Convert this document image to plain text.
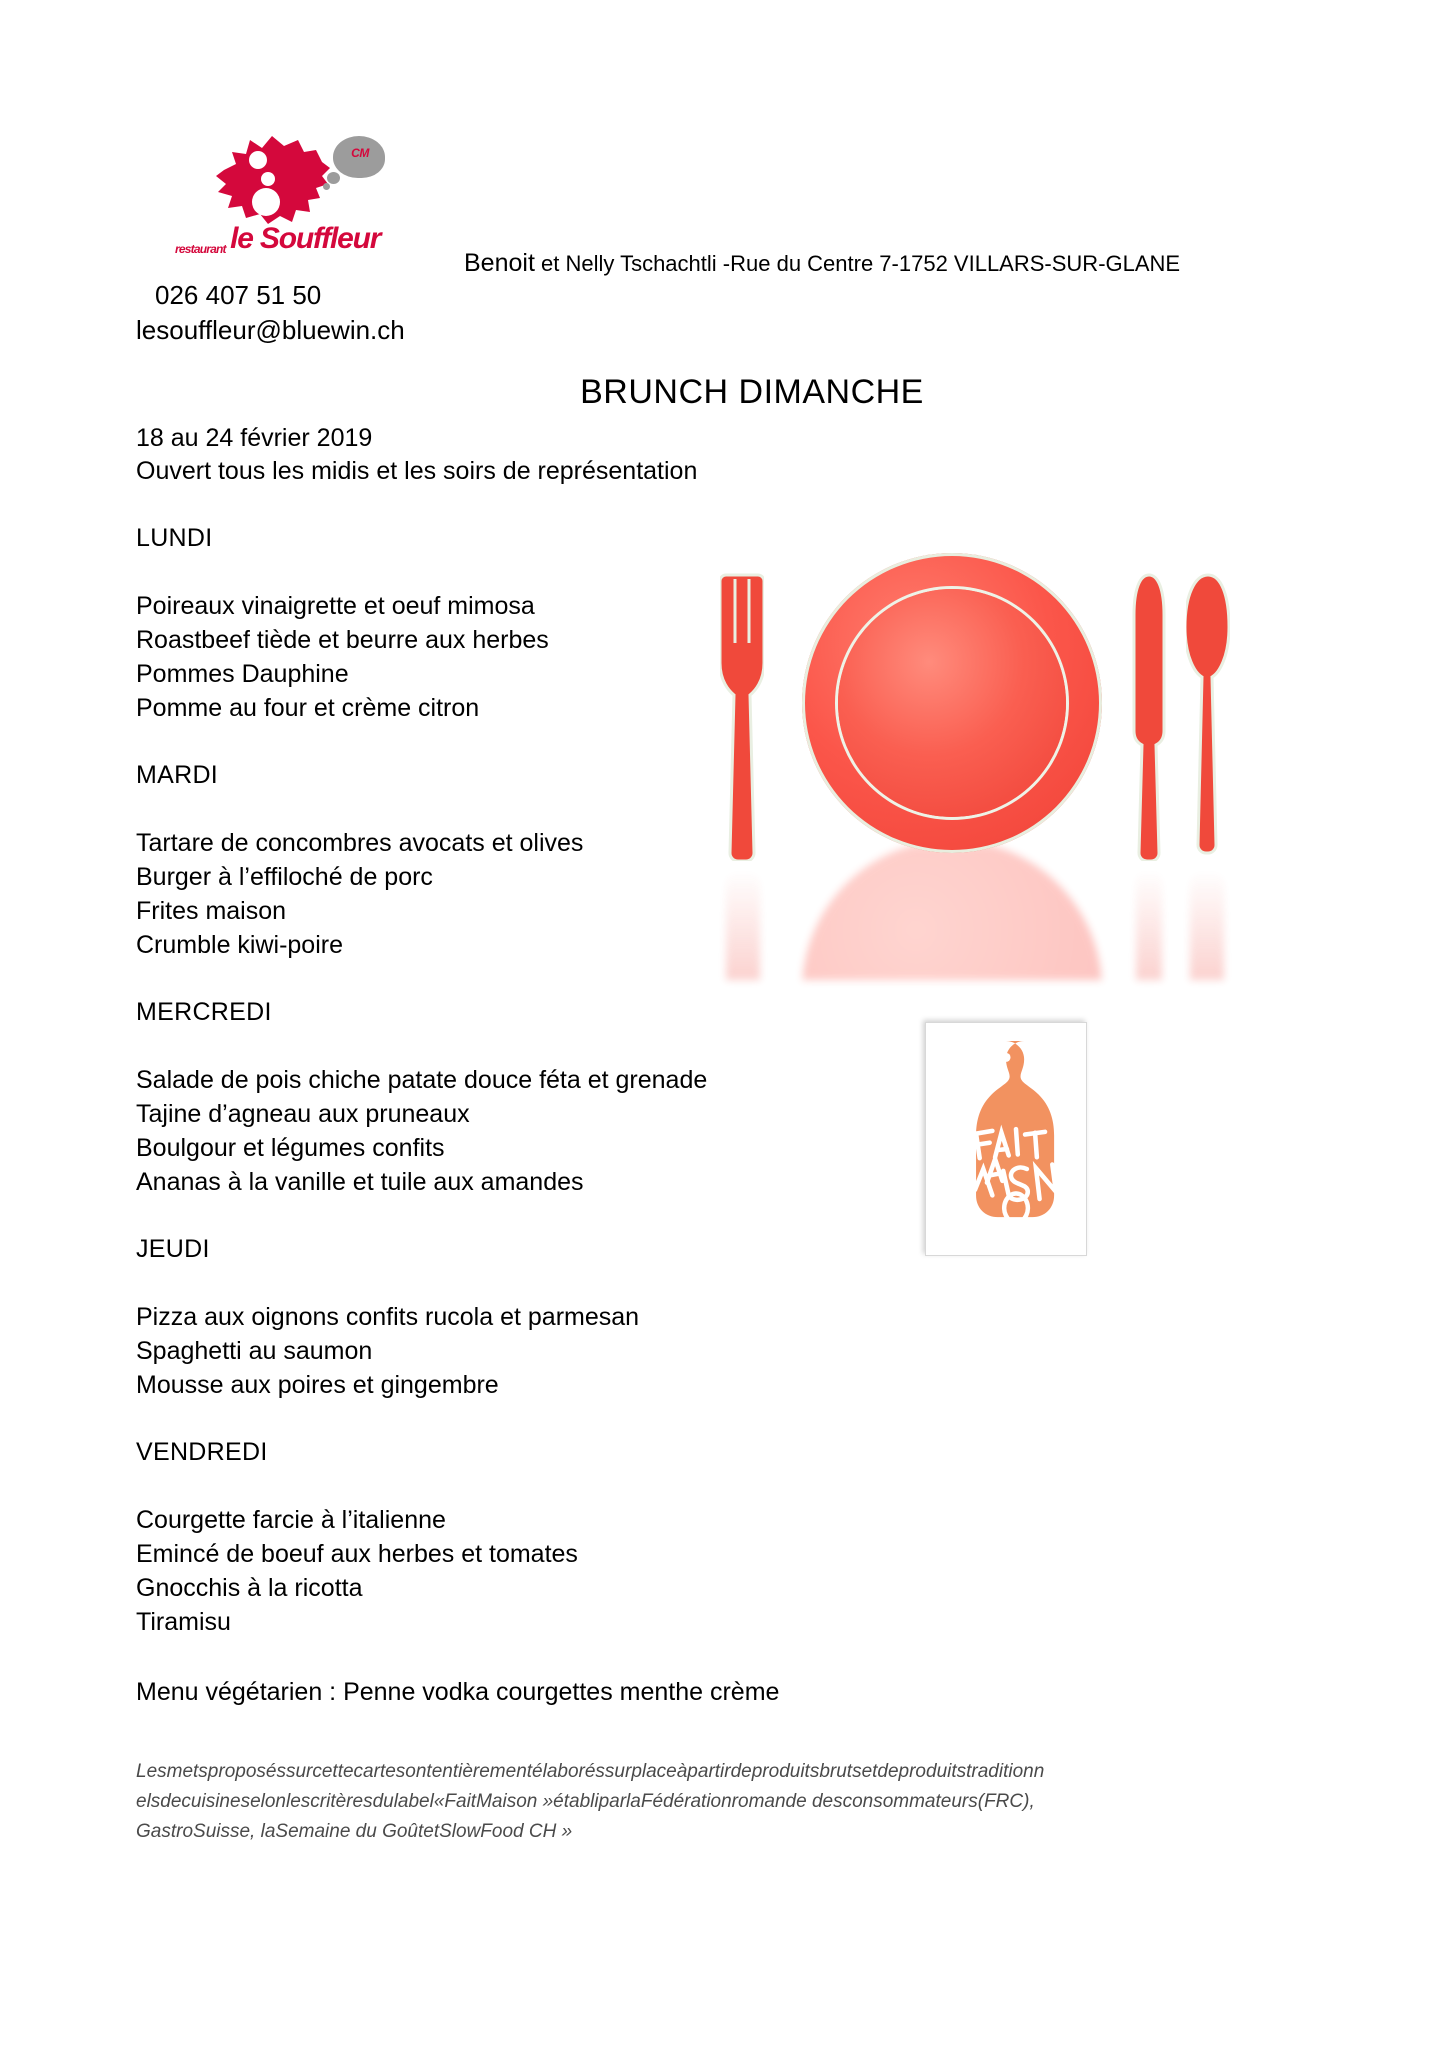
CM
restaurant le Souffleur
Benoit et Nelly Tschachtli -Rue du Centre 7-1752 VILLARS-SUR-GLANE
026 407 51 50
lesouffleur@bluewin.ch
BRUNCH DIMANCHE
18 au 24 février 2019
Ouvert tous les midis et les soirs de représentation
LUNDI
Poireaux vinaigrette et oeuf mimosa
Roastbeef tiède et beurre aux herbes
Pommes Dauphine
Pomme au four et crème citron
MARDI
Tartare de concombres avocats et olives
Burger à l’effiloché de porc
Frites maison
Crumble kiwi-poire
MERCREDI
Salade de pois chiche patate douce féta et grenade
Tajine d’agneau aux pruneaux
Boulgour et légumes confits
Ananas à la vanille et tuile aux amandes
JEUDI
Pizza aux oignons confits rucola et parmesan
Spaghetti au saumon
Mousse aux poires et gingembre
VENDREDI
Courgette farcie à l’italienne
Emincé de boeuf aux herbes et tomates
Gnocchis à la ricotta
Tiramisu
Menu végétarien : Penne vodka courgettes menthe crème
Lesmetsproposéssurcettecartesontentièrementélaboréssurplaceàpartirdeproduitsbrutsetdeproduitstraditionn
elsdecuisineselonlescritèresdulabel«FaitMaison »établiparlaFédérationromande desconsommateurs(FRC),
GastroSuisse, laSemaine du GoûtetSlowFood CH »
